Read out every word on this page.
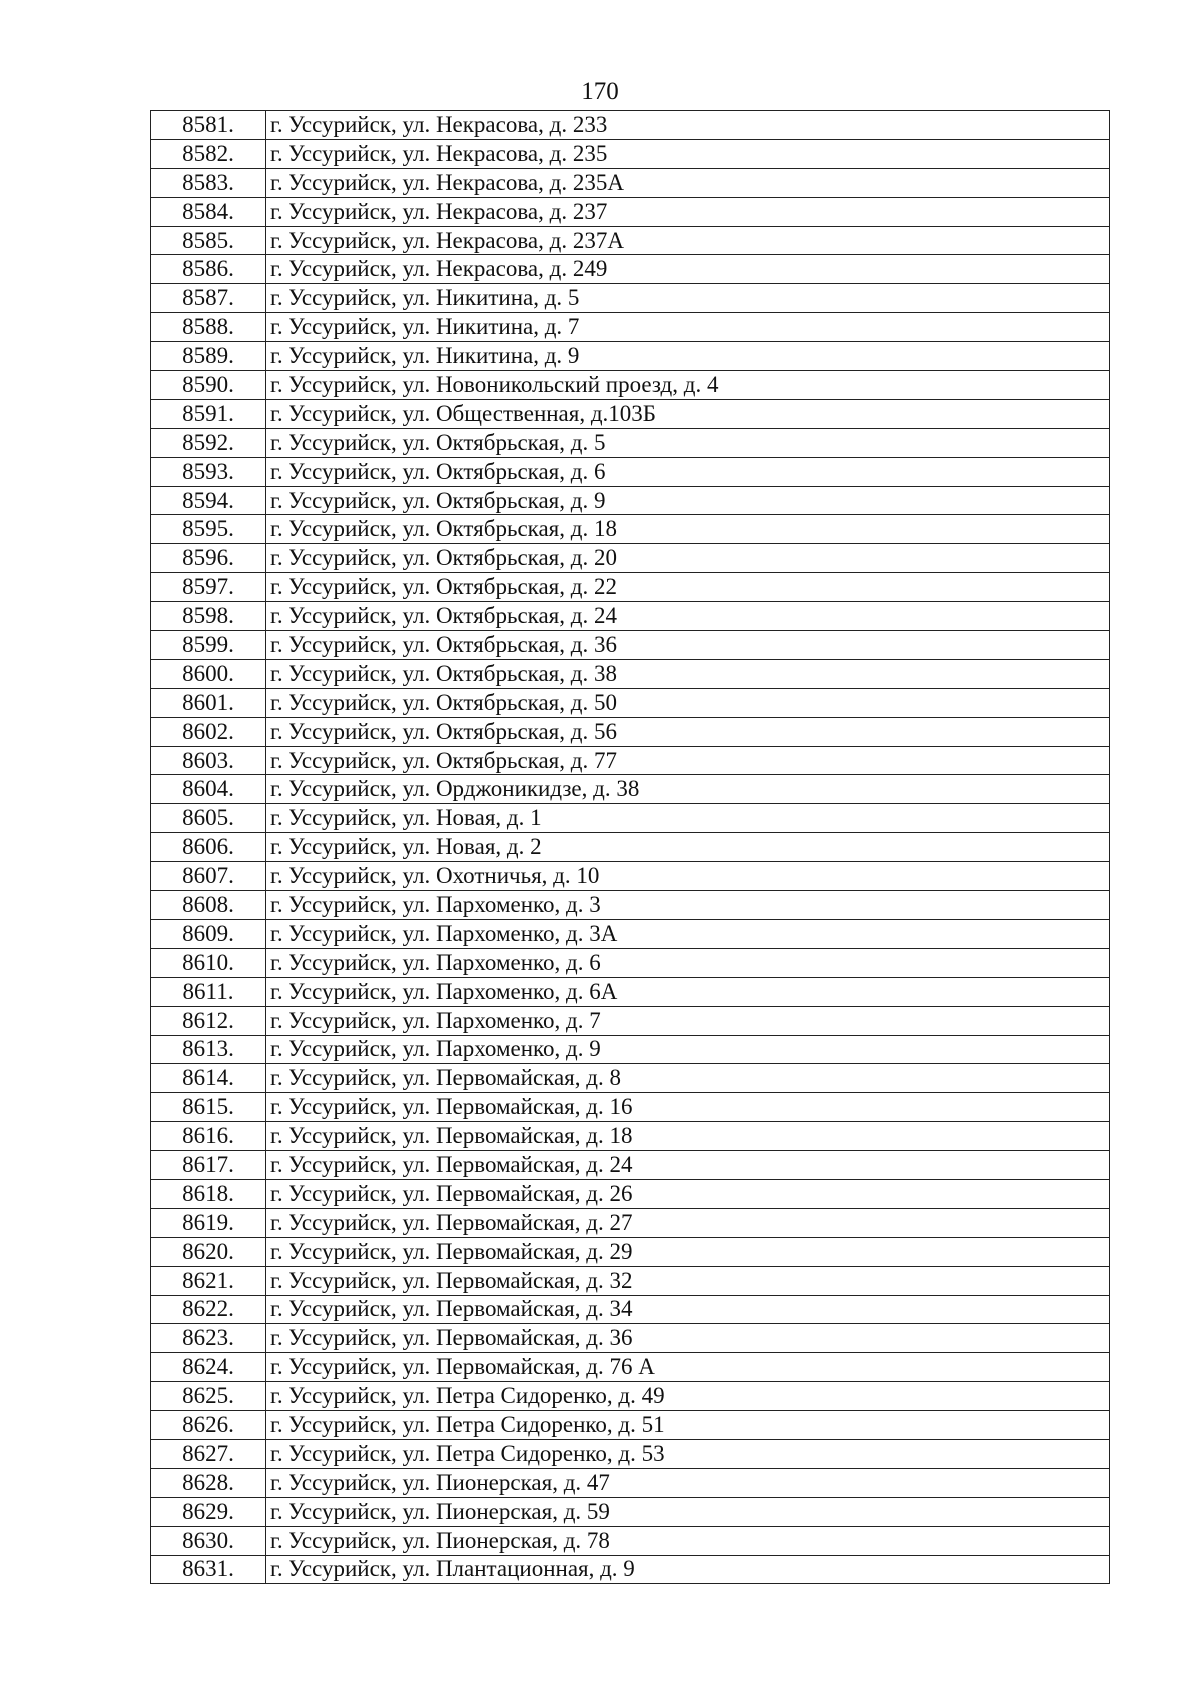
170
8581.	г. Уссурийск, ул. Некрасова, д. 233
8582.	г. Уссурийск, ул. Некрасова, д. 235
8583.	г. Уссурийск, ул. Некрасова, д. 235А
8584.	г. Уссурийск, ул. Некрасова, д. 237
8585.	г. Уссурийск, ул. Некрасова, д. 237А
8586.	г. Уссурийск, ул. Некрасова, д. 249
8587.	г. Уссурийск, ул. Никитина, д. 5
8588.	г. Уссурийск, ул. Никитина, д. 7
8589.	г. Уссурийск, ул. Никитина, д. 9
8590.	г. Уссурийск, ул. Новоникольский проезд, д. 4
8591.	г. Уссурийск, ул. Общественная, д.103Б
8592.	г. Уссурийск, ул. Октябрьская, д. 5
8593.	г. Уссурийск, ул. Октябрьская, д. 6
8594.	г. Уссурийск, ул. Октябрьская, д. 9
8595.	г. Уссурийск, ул. Октябрьская, д. 18
8596.	г. Уссурийск, ул. Октябрьская, д. 20
8597.	г. Уссурийск, ул. Октябрьская, д. 22
8598.	г. Уссурийск, ул. Октябрьская, д. 24
8599.	г. Уссурийск, ул. Октябрьская, д. 36
8600.	г. Уссурийск, ул. Октябрьская, д. 38
8601.	г. Уссурийск, ул. Октябрьская, д. 50
8602.	г. Уссурийск, ул. Октябрьская, д. 56
8603.	г. Уссурийск, ул. Октябрьская, д. 77
8604.	г. Уссурийск, ул. Орджоникидзе, д. 38
8605.	г. Уссурийск, ул. Новая, д. 1
8606.	г. Уссурийск, ул. Новая, д. 2
8607.	г. Уссурийск, ул. Охотничья, д. 10
8608.	г. Уссурийск, ул. Пархоменко, д. 3
8609.	г. Уссурийск, ул. Пархоменко, д. 3А
8610.	г. Уссурийск, ул. Пархоменко, д. 6
8611.	г. Уссурийск, ул. Пархоменко, д. 6А
8612.	г. Уссурийск, ул. Пархоменко, д. 7
8613.	г. Уссурийск, ул. Пархоменко, д. 9
8614.	г. Уссурийск, ул. Первомайская, д. 8
8615.	г. Уссурийск, ул. Первомайская, д. 16
8616.	г. Уссурийск, ул. Первомайская, д. 18
8617.	г. Уссурийск, ул. Первомайская, д. 24
8618.	г. Уссурийск, ул. Первомайская, д. 26
8619.	г. Уссурийск, ул. Первомайская, д. 27
8620.	г. Уссурийск, ул. Первомайская, д. 29
8621.	г. Уссурийск, ул. Первомайская, д. 32
8622.	г. Уссурийск, ул. Первомайская, д. 34
8623.	г. Уссурийск, ул. Первомайская, д. 36
8624.	г. Уссурийск, ул. Первомайская, д. 76 А
8625.	г. Уссурийск, ул. Петра Сидоренко, д. 49
8626.	г. Уссурийск, ул. Петра Сидоренко, д. 51
8627.	г. Уссурийск, ул. Петра Сидоренко, д. 53
8628.	г. Уссурийск, ул. Пионерская, д. 47
8629.	г. Уссурийск, ул. Пионерская, д. 59
8630.	г. Уссурийск, ул. Пионерская, д. 78
8631.	г. Уссурийск, ул. Плантационная, д. 9
